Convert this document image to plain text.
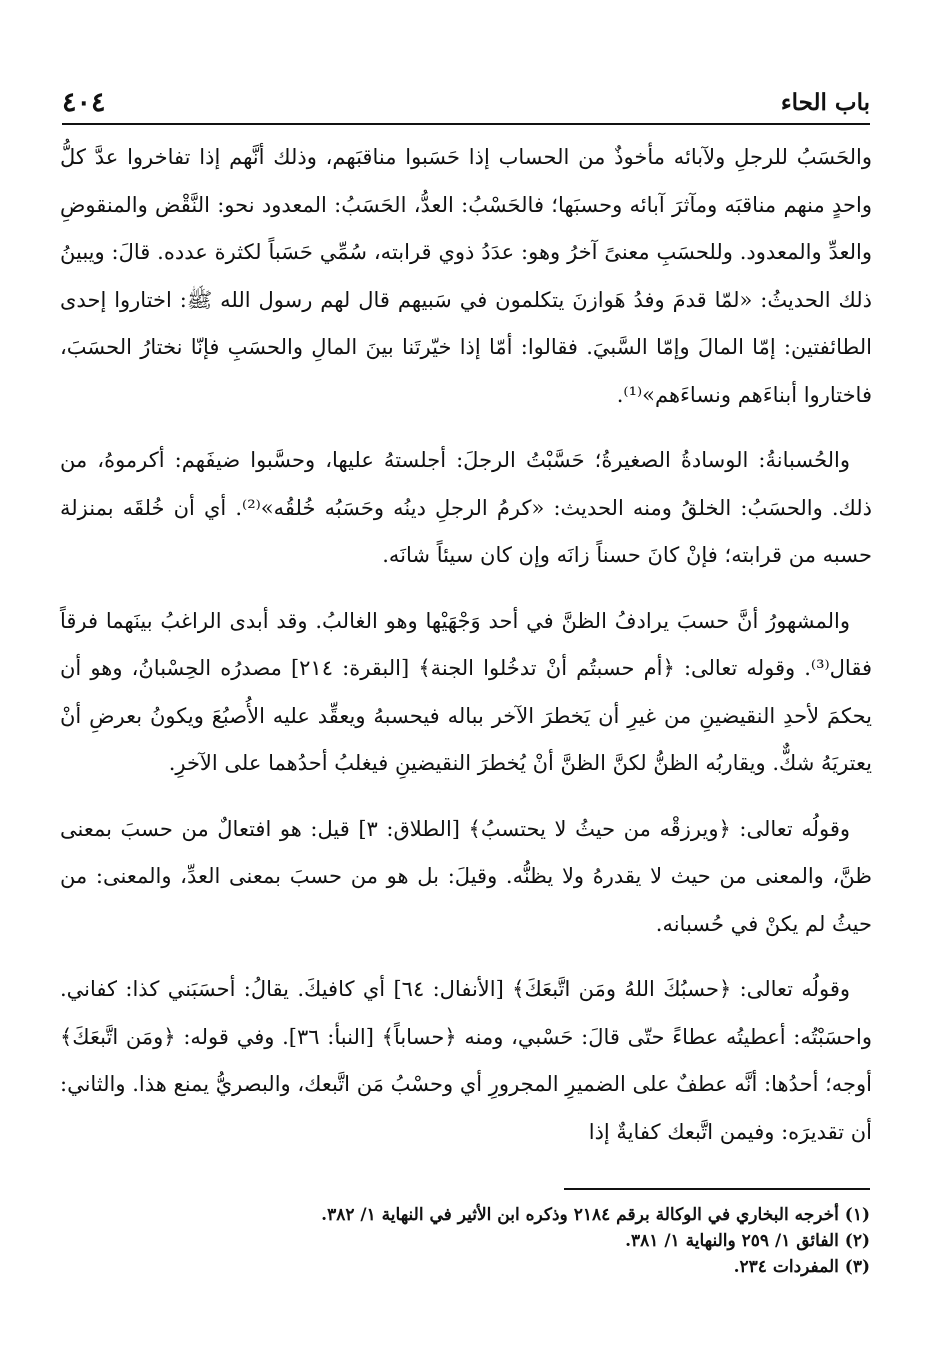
باب الحاء
٤٠٤

والحَسَبُ للرجلِ ولآبائه مأخوذٌ من الحساب إذا حَسَبوا مناقبَهم، وذلك أنَّهم إذا تفاخروا عدَّ كلُّ واحدٍ منهم مناقبَه ومآثرَ آبائه وحسبَها؛ فالحَسْبُ: العدُّ، الحَسَبُ: المعدود نحو: النَّقْض والمنقوضِ والعدِّ والمعدود. وللحسَبِ معنىً آخرُ وهو: عدَدُ ذوي قرابته، سُمِّي حَسَباً لكثرة عدده. قالَ: ويبينُ ذلك الحديثُ: «لمّا قدمَ وفدُ هَوازنَ يتكلمون في سَبيهم قال لهم رسول الله ﷺ: اختاروا إحدى الطائفتين: إمّا المالَ وإمّا السَّبيَ. فقالوا: أمّا إذا خيّرتَنا بينَ المالِ والحسَبِ فإنّا نختارُ الحسَبَ، فاختاروا أبناءَهم ونساءَهم»⁽¹⁾.

والحُسبانةُ: الوسادةُ الصغيرةُ؛ حَسَّبْتُ الرجلَ: أجلستهُ عليها، وحسَّبوا ضيفَهم: أكرموهُ، من ذلك. والحسَبُ: الخلقُ ومنه الحديث: «كرمُ الرجلِ دينُه وحَسَبُه خُلقُه»⁽²⁾. أي أن خُلقَه بمنزلة حسبه من قرابته؛ فإنْ كانَ حسناً زانَه وإن كان سيئاً شانَه.

والمشهورُ أنَّ حسبَ يرادفُ الظنَّ في أحد وَجْهَيْها وهو الغالبُ. وقد أبدى الراغبُ بينَهما فرقاً فقال⁽³⁾. وقوله تعالى: ﴿أم حسبتُم أنْ تدخُلوا الجنة﴾ [البقرة: ٢١٤] مصدرُه الحِسْبانُ، وهو أن يحكمَ لأحدِ النقيضينِ من غيرِ أن يَخطرَ الآخر بباله فيحسبهُ ويعقِّد عليه الأُصبُعَ ويكونُ بعرضِ أنْ يعتريَهُ شكٌّ. ويقاربُه الظنُّ لكنَّ الظنَّ أنْ يُخطرَ النقيضينِ فيغلبُ أحدُهما على الآخرِ.

وقولُه تعالى: ﴿ويرزقْه من حيثُ لا يحتسبُ﴾ [الطلاق: ٣] قيل: هو افتعالٌ من حسبَ بمعنى ظنَّ، والمعنى من حيث لا يقدرهُ ولا يظنُّه. وقيلَ: بل هو من حسبَ بمعنى العدِّ، والمعنى: من حيثُ لم يكنْ في حُسبانه.

وقولُه تعالى: ﴿حسبُكَ اللهُ ومَن اتَّبعَكَ﴾ [الأنفال: ٦٤] أي كافيكَ. يقالُ: أحسَبَني كذا: كفاني. واحسَبْتُه: أعطيتُه عطاءً حتّى قالَ: حَسْبي، ومنه ﴿حساباً﴾ [النبأ: ٣٦]. وفي قوله: ﴿ومَن اتَّبعَكَ﴾ أوجه؛ أحدُها: أنَّه عطفٌ على الضميرِ المجرورِ أي وحسْبُ مَن اتَّبعك، والبصريُّ يمنع هذا. والثاني: أن تقديرَه: وفيمن اتَّبعك كفايةٌ إذا

(١) أخرجه البخاري في الوكالة برقم ٢١٨٤ وذكره ابن الأثير في النهاية ١/ ٣٨٢.

(٢) الفائق ١/ ٢٥٩ والنهاية ١/ ٣٨١.

(٣) المفردات ٢٣٤.
